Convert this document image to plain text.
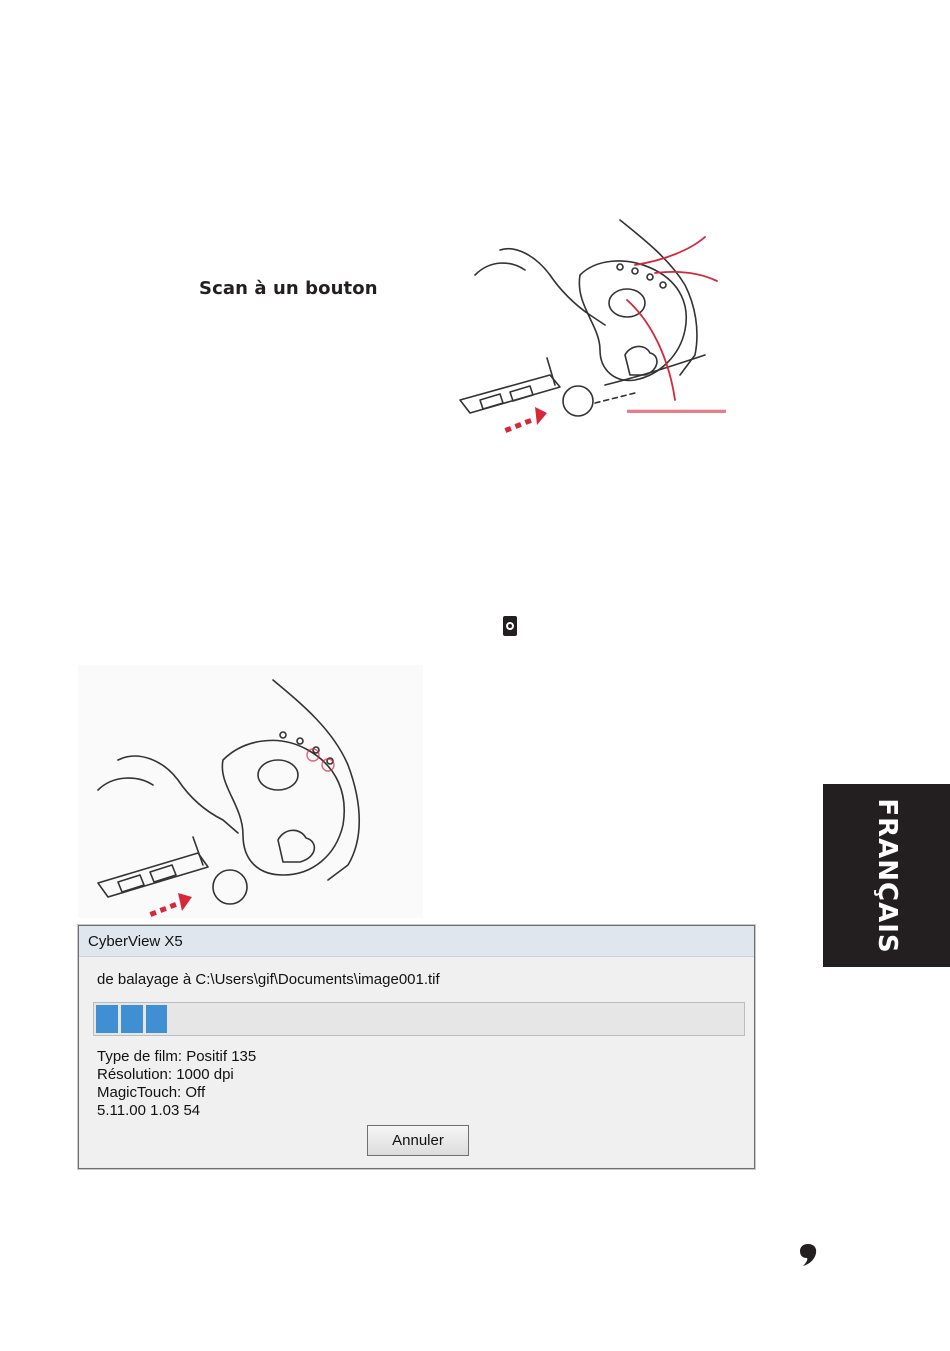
Scan à un bouton
▬▬▬▬▬▬▬▬▬
FRANÇAIS
CyberView X5
de balayage à C:\Users\gif\Documents\image001.tif
Type de film: Positif 135
Résolution: 1000 dpi
MagicTouch: Off
5.11.00 1.03 54
Annuler
